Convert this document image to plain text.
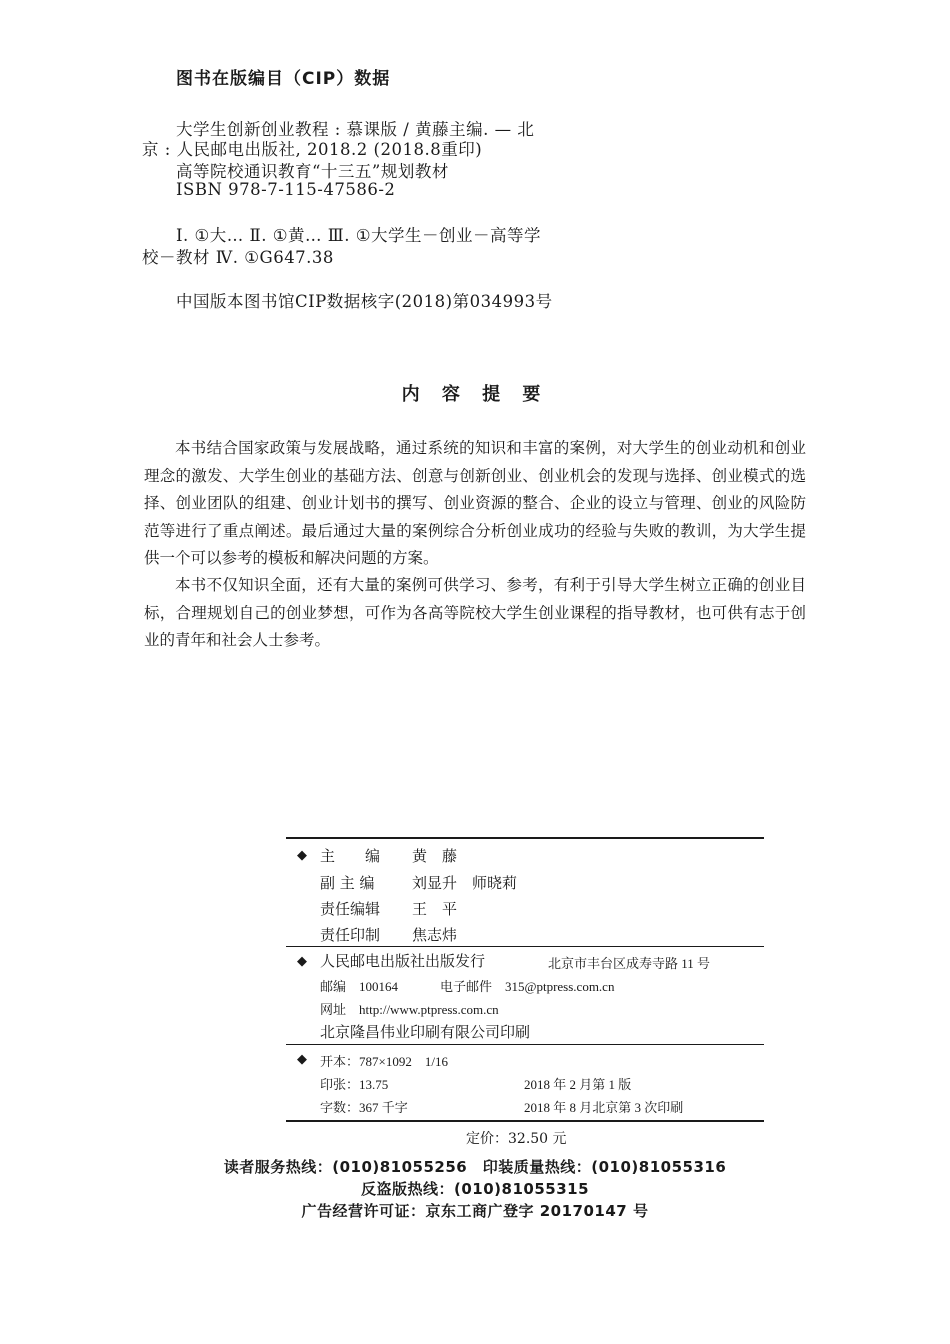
图书在版编目（CIP）数据
大学生创新创业教程 : 慕课版 / 黄藤主编. — 北
京 : 人民邮电出版社, 2018.2 (2018.8重印)
高等院校通识教育“十三五”规划教材
ISBN 978-7-115-47586-2
Ⅰ. ①大… Ⅱ. ①黄… Ⅲ. ①大学生－创业－高等学
校－教材 Ⅳ. ①G647.38
中国版本图书馆CIP数据核字(2018)第034993号
内 容 提 要

本书结合国家政策与发展战略，通过系统的知识和丰富的案例，对大学生的创业动机和创业理念的激发、大学生创业的基础方法、创意与创新创业、创业机会的发现与选择、创业模式的选择、创业团队的组建、创业计划书的撰写、创业资源的整合、企业的设立与管理、创业的风险防范等进行了重点阐述。最后通过大量的案例综合分析创业成功的经验与失败的教训，为大学生提供一个可以参考的模板和解决问题的方案。

本书不仅知识全面，还有大量的案例可供学习、参考，有利于引导大学生树立正确的创业目标，合理规划自己的创业梦想，可作为各高等院校大学生创业课程的指导教材，也可供有志于创业的青年和社会人士参考。

◆ 主　　编 黄　藤
副 主 编 刘显升　师晓莉
责任编辑 王　平
责任印制 焦志炜
◆ 人民邮电出版社出版发行	北京市丰台区成寿寺路 11 号
邮编　100164	电子邮件　315@ptpress.com.cn
网址　http://www.ptpress.com.cn
北京隆昌伟业印刷有限公司印刷
◆ 开本：787×1092　1/16
印张：13.75	2018 年 2 月第 1 版
字数：367 千字	2018 年 8 月北京第 3 次印刷
定价：32.50 元
读者服务热线：(010)81055256　印装质量热线：(010)81055316
反盗版热线：(010)81055315
广告经营许可证：京东工商广登字 20170147 号
